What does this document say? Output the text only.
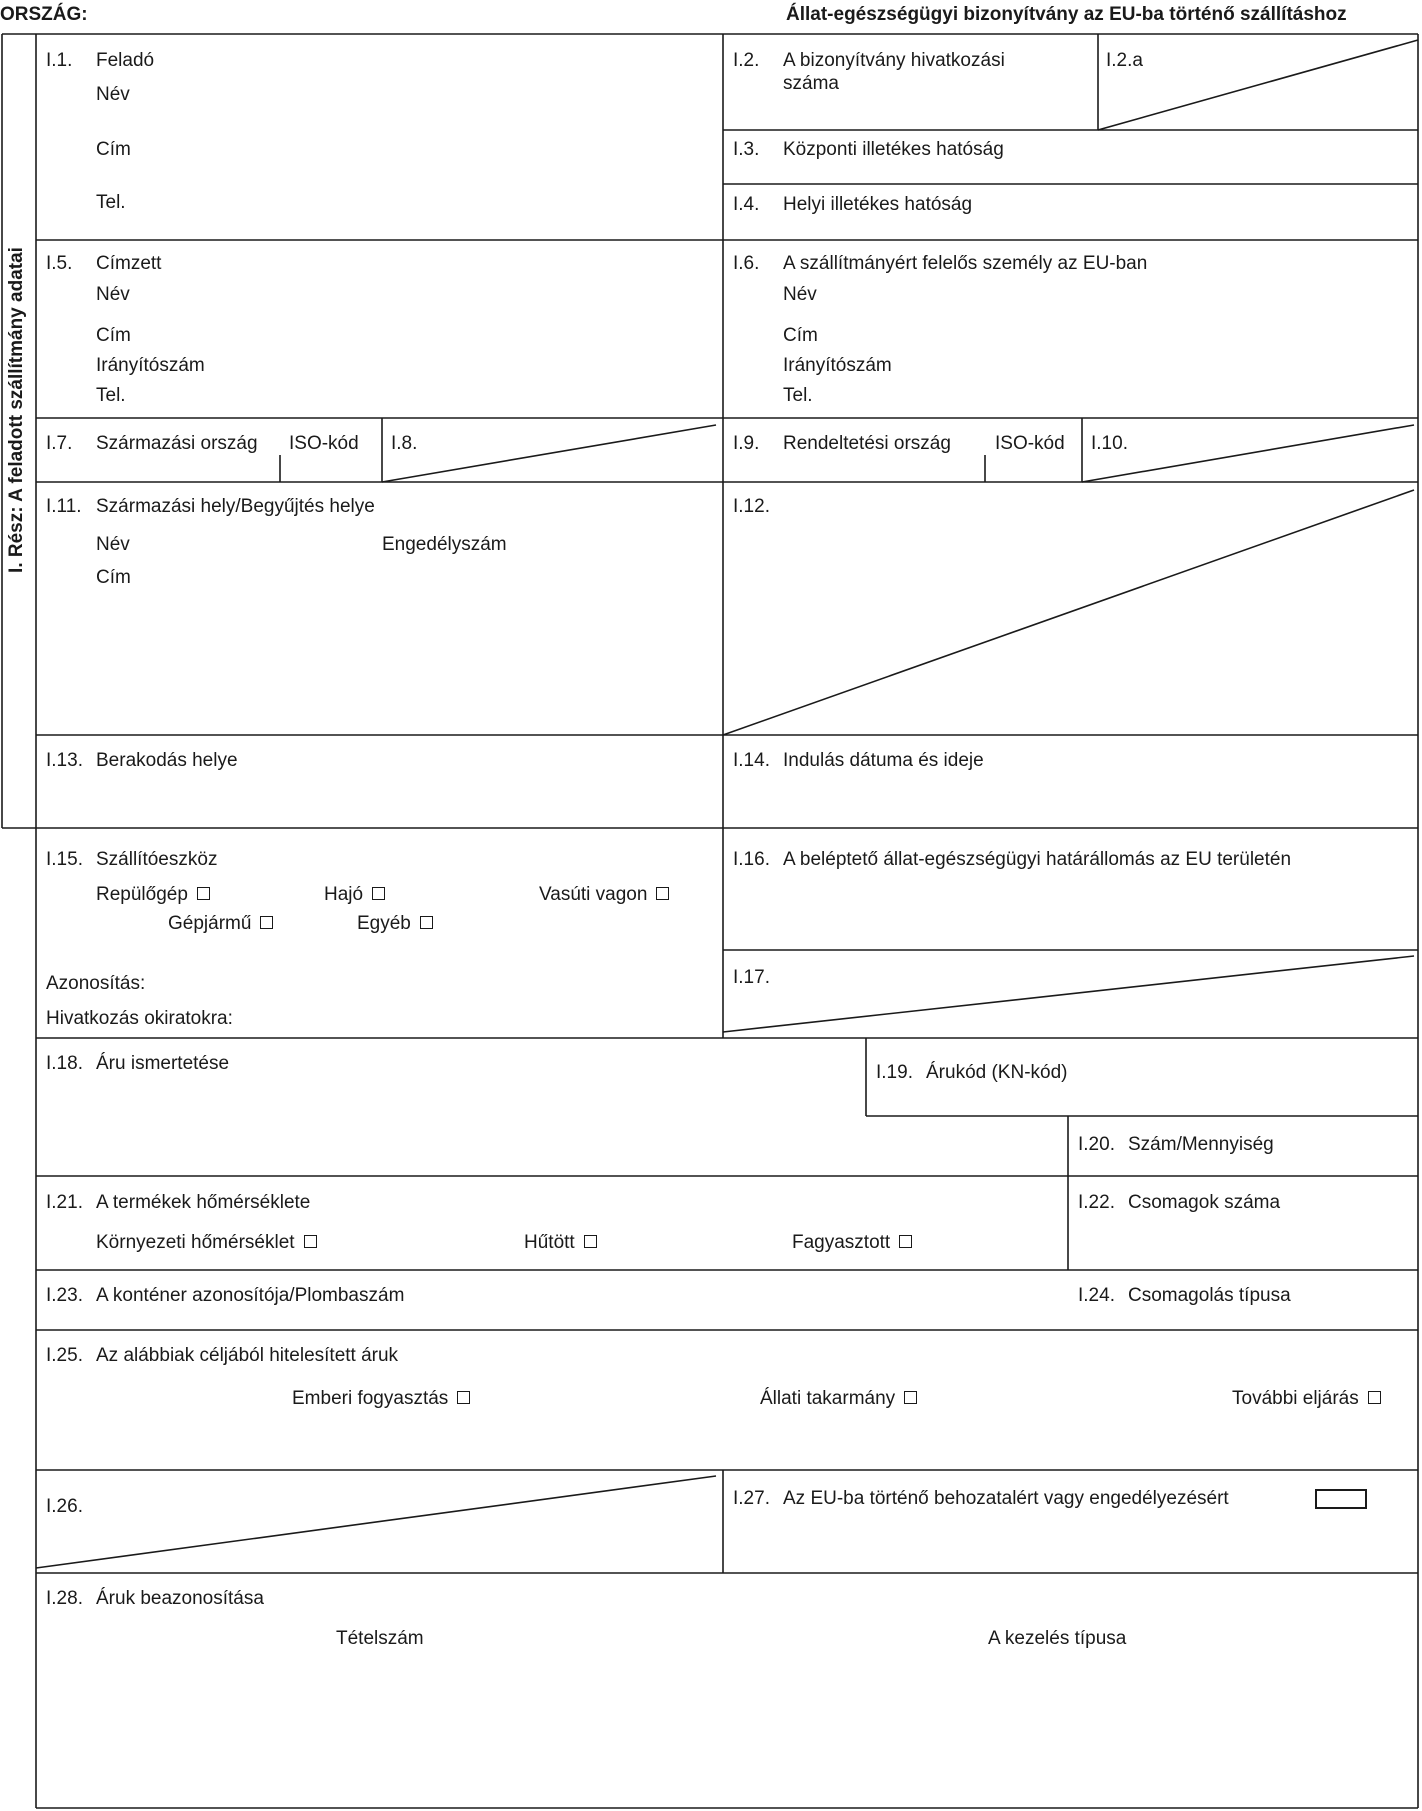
ORSZÁG:	Állat-egészségügyi bizonyítvány az EU-ba történő szállításhoz
I. Rész: A feladott szállítmány adatai
I.1. Feladó
Név
Cím
Tel.
I.2. A bizonyítvány hivatkozási
száma
I.2.a
I.3. Központi illetékes hatóság
I.4. Helyi illetékes hatóság
I.5. Címzett
Név
Cím
Irányítószám
Tel.
I.6. A szállítmányért felelős személy az EU-ban
Név
Cím
Irányítószám
Tel.
I.7. Származási ország ISO-kód I.8.	I.9. Rendeltetési ország ISO-kód I.10.
I.11. Származási hely/Begyűjtés helye
Név	Engedélyszám
Cím
I.12.
I.13. Berakodás helye	I.14. Indulás dátuma és ideje
I.15. Szállítóeszköz
Repülőgép	Hajó	Vasúti vagon
Gépjármű	Egyéb
Azonosítás:
Hivatkozás okiratokra:
I.16. A beléptető állat-egészségügyi határállomás az EU területén
I.17.
I.18. Áru ismertetése	I.19. Árukód (KN-kód)
I.20. Szám/Mennyiség
I.21. A termékek hőmérséklete
Környezeti hőmérséklet	Hűtött	Fagyasztott
I.22. Csomagok száma
I.23. A konténer azonosítója/Plombaszám	I.24. Csomagolás típusa
I.25. Az alábbiak céljából hitelesített áruk
Emberi fogyasztás	Állati takarmány	További eljárás
I.26.	I.27. Az EU-ba történő behozatalért vagy engedélyezésért
I.28. Áruk beazonosítása
Tételszám	A kezelés típusa
